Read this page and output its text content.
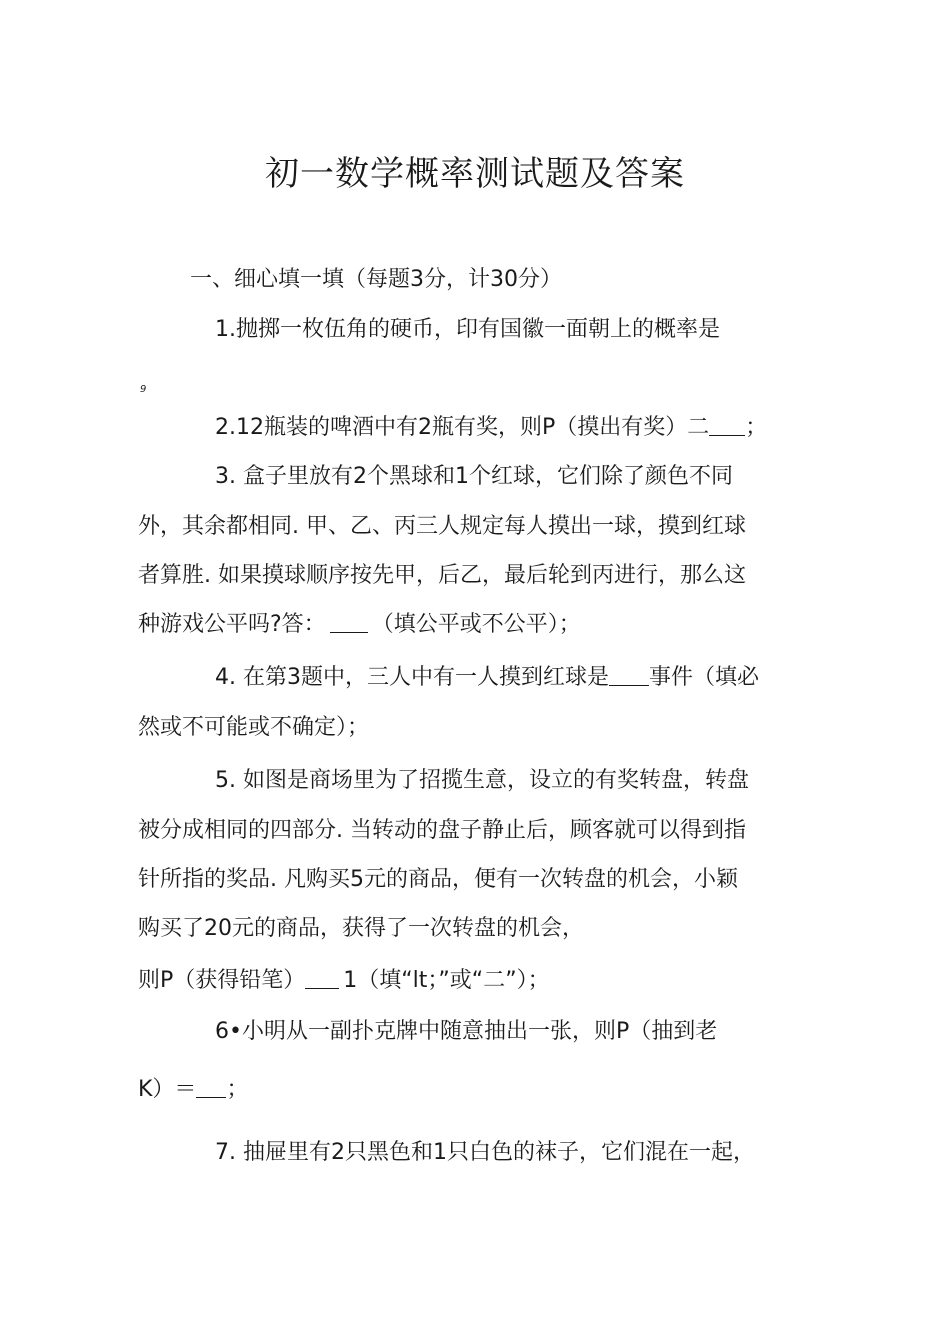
初一数学概率测试题及答案
一、细心填一填（每题3分，计30分）
1.抛掷一枚伍角的硬币，印有国徽一面朝上的概率是
9
2.12瓶装的啤酒中有2瓶有奖，则P（摸出有奖）二 ；
3. 盒子里放有2个黑球和1个红球，它们除了颜色不同
外，其余都相同. 甲、乙、丙三人规定每人摸出一球，摸到红球
者算胜. 如果摸球顺序按先甲，后乙，最后轮到丙进行，那么这
种游戏公平吗?答： （填公平或不公平）；
4. 在第3题中，三人中有一人摸到红球是 事件（填必
然或不可能或不确定）；
5. 如图是商场里为了招揽生意，设立的有奖转盘，转盘
被分成相同的四部分. 当转动的盘子静止后，顾客就可以得到指
针所指的奖品. 凡购买5元的商品，便有一次转盘的机会，小颖
购买了20元的商品，获得了一次转盘的机会，
则P（获得铅笔） 1（填“lt；”或“二”）；
6•小明从一副扑克牌中随意抽出一张，则P（抽到老
K）＝ ；
7. 抽屉里有2只黑色和1只白色的袜子，它们混在一起，
